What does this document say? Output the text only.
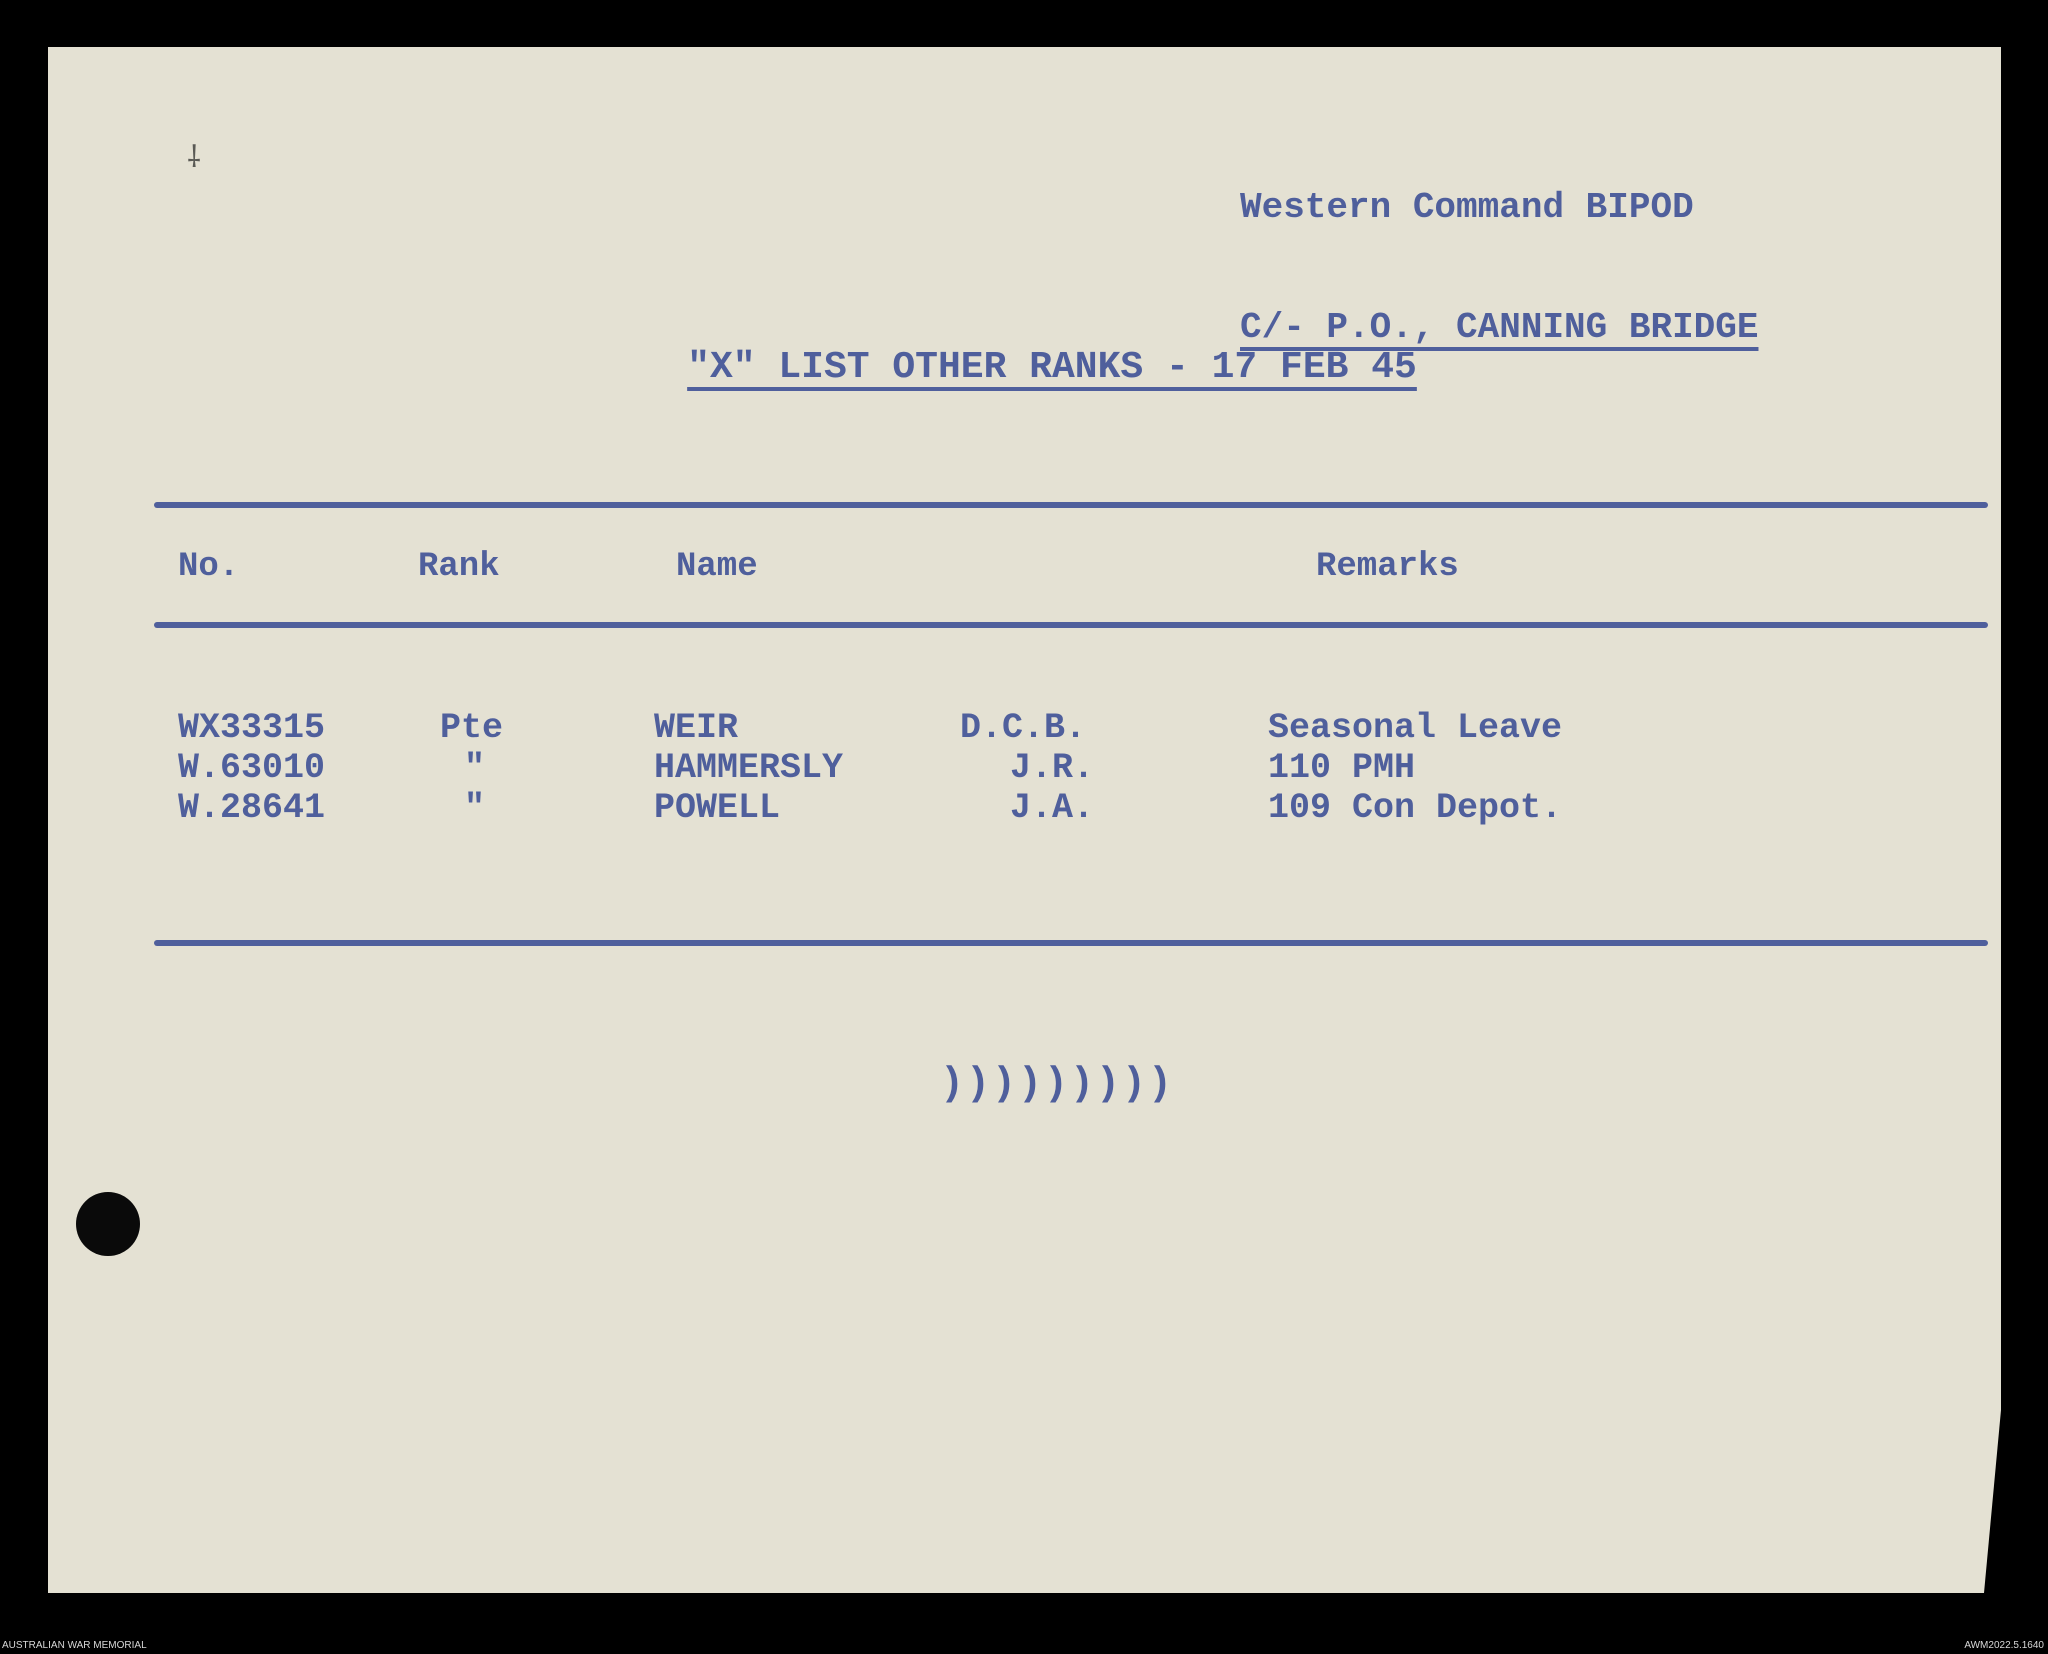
⸸

Western Command BIPOD

C/- P.O., CANNING BRIDGE

"X" LIST OTHER RANKS - 17 FEB 45
No.	Rank	Name	Remarks
WX33315	Pte	WEIR	D.C.B.	Seasonal Leave
W.63010	"	HAMMERSLY	J.R.	110 PMH
W.28641	"	POWELL	J.A.	109 Con Depot.
)))))))))
AUSTRALIAN WAR MEMORIAL	AWM2022.5.1640
